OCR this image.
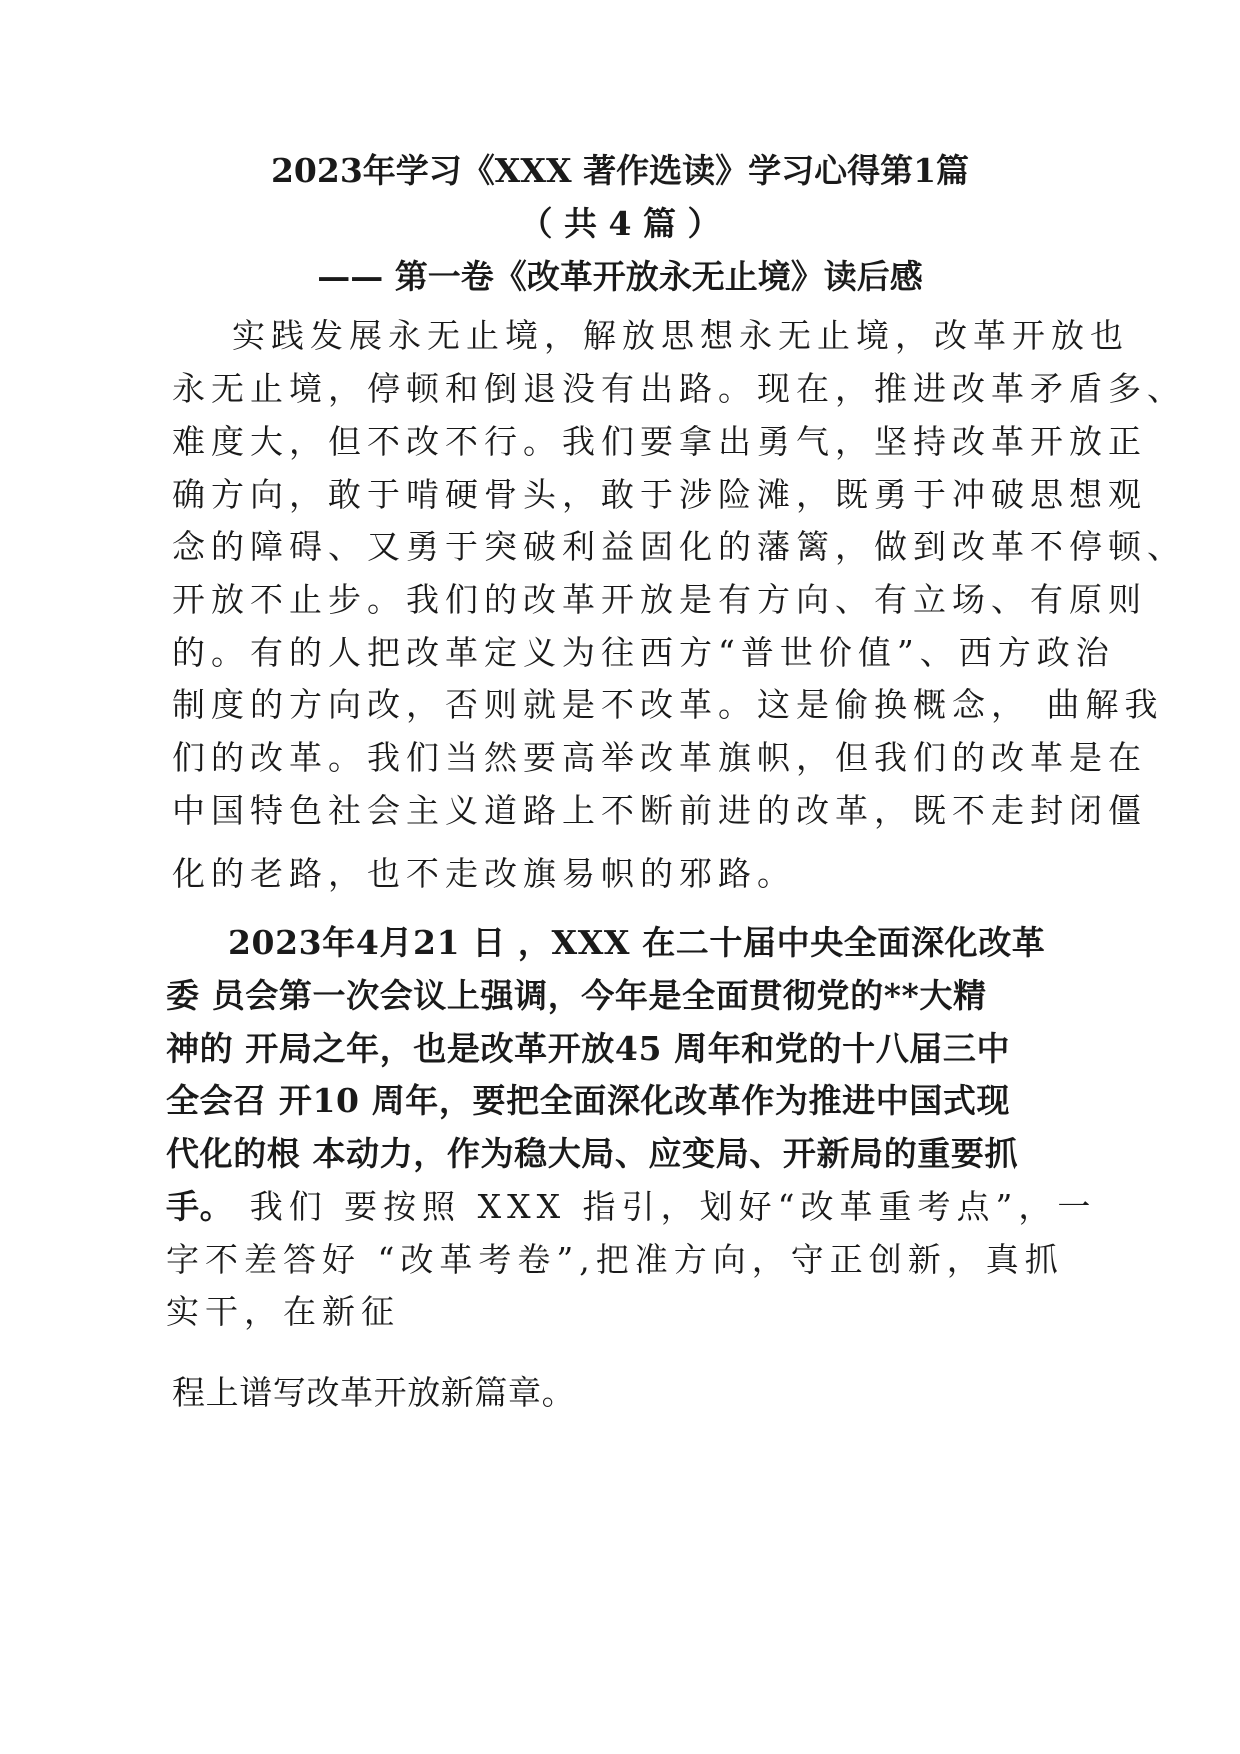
2023年学习《XXX 著作选读》学习心得第1篇
（ 共 4 篇 ）
—— 第一卷《改革开放永无止境》读后感
实践发展永无止境，解放思想永无止境，改革开放也
永无止境，停顿和倒退没有出路。现在，推进改革矛盾多、
难度大，但不改不行。我们要拿出勇气，坚持改革开放正
确方向，敢于啃硬骨头，敢于涉险滩，既勇于冲破思想观
念的障碍、又勇于突破利益固化的藩篱，做到改革不停顿、
开放不止步。我们的改革开放是有方向、有立场、有原则
的。有的人把改革定义为往西方“普世价值”、西方政治
制度的方向改，否则就是不改革。这是偷换概念， 曲解我
们的改革。我们当然要高举改革旗帜，但我们的改革是在
中国特色社会主义道路上不断前进的改革，既不走封闭僵
化的老路，也不走改旗易帜的邪路。
2023年4月21 日 ，XXX 在二十届中央全面深化改革
委 员会第一次会议上强调，今年是全面贯彻党的**大精
神的 开局之年，也是改革开放45 周年和党的十八届三中
全会召 开10 周年，要把全面深化改革作为推进中国式现
代化的根 本动力，作为稳大局、应变局、开新局的重要抓
手。 我们 要按照 XXX 指引，划好“改革重考点”，一
字不差答好 “改革考卷”,把准方向，守正创新，真抓
实干，在新征
程上谱写改革开放新篇章。
